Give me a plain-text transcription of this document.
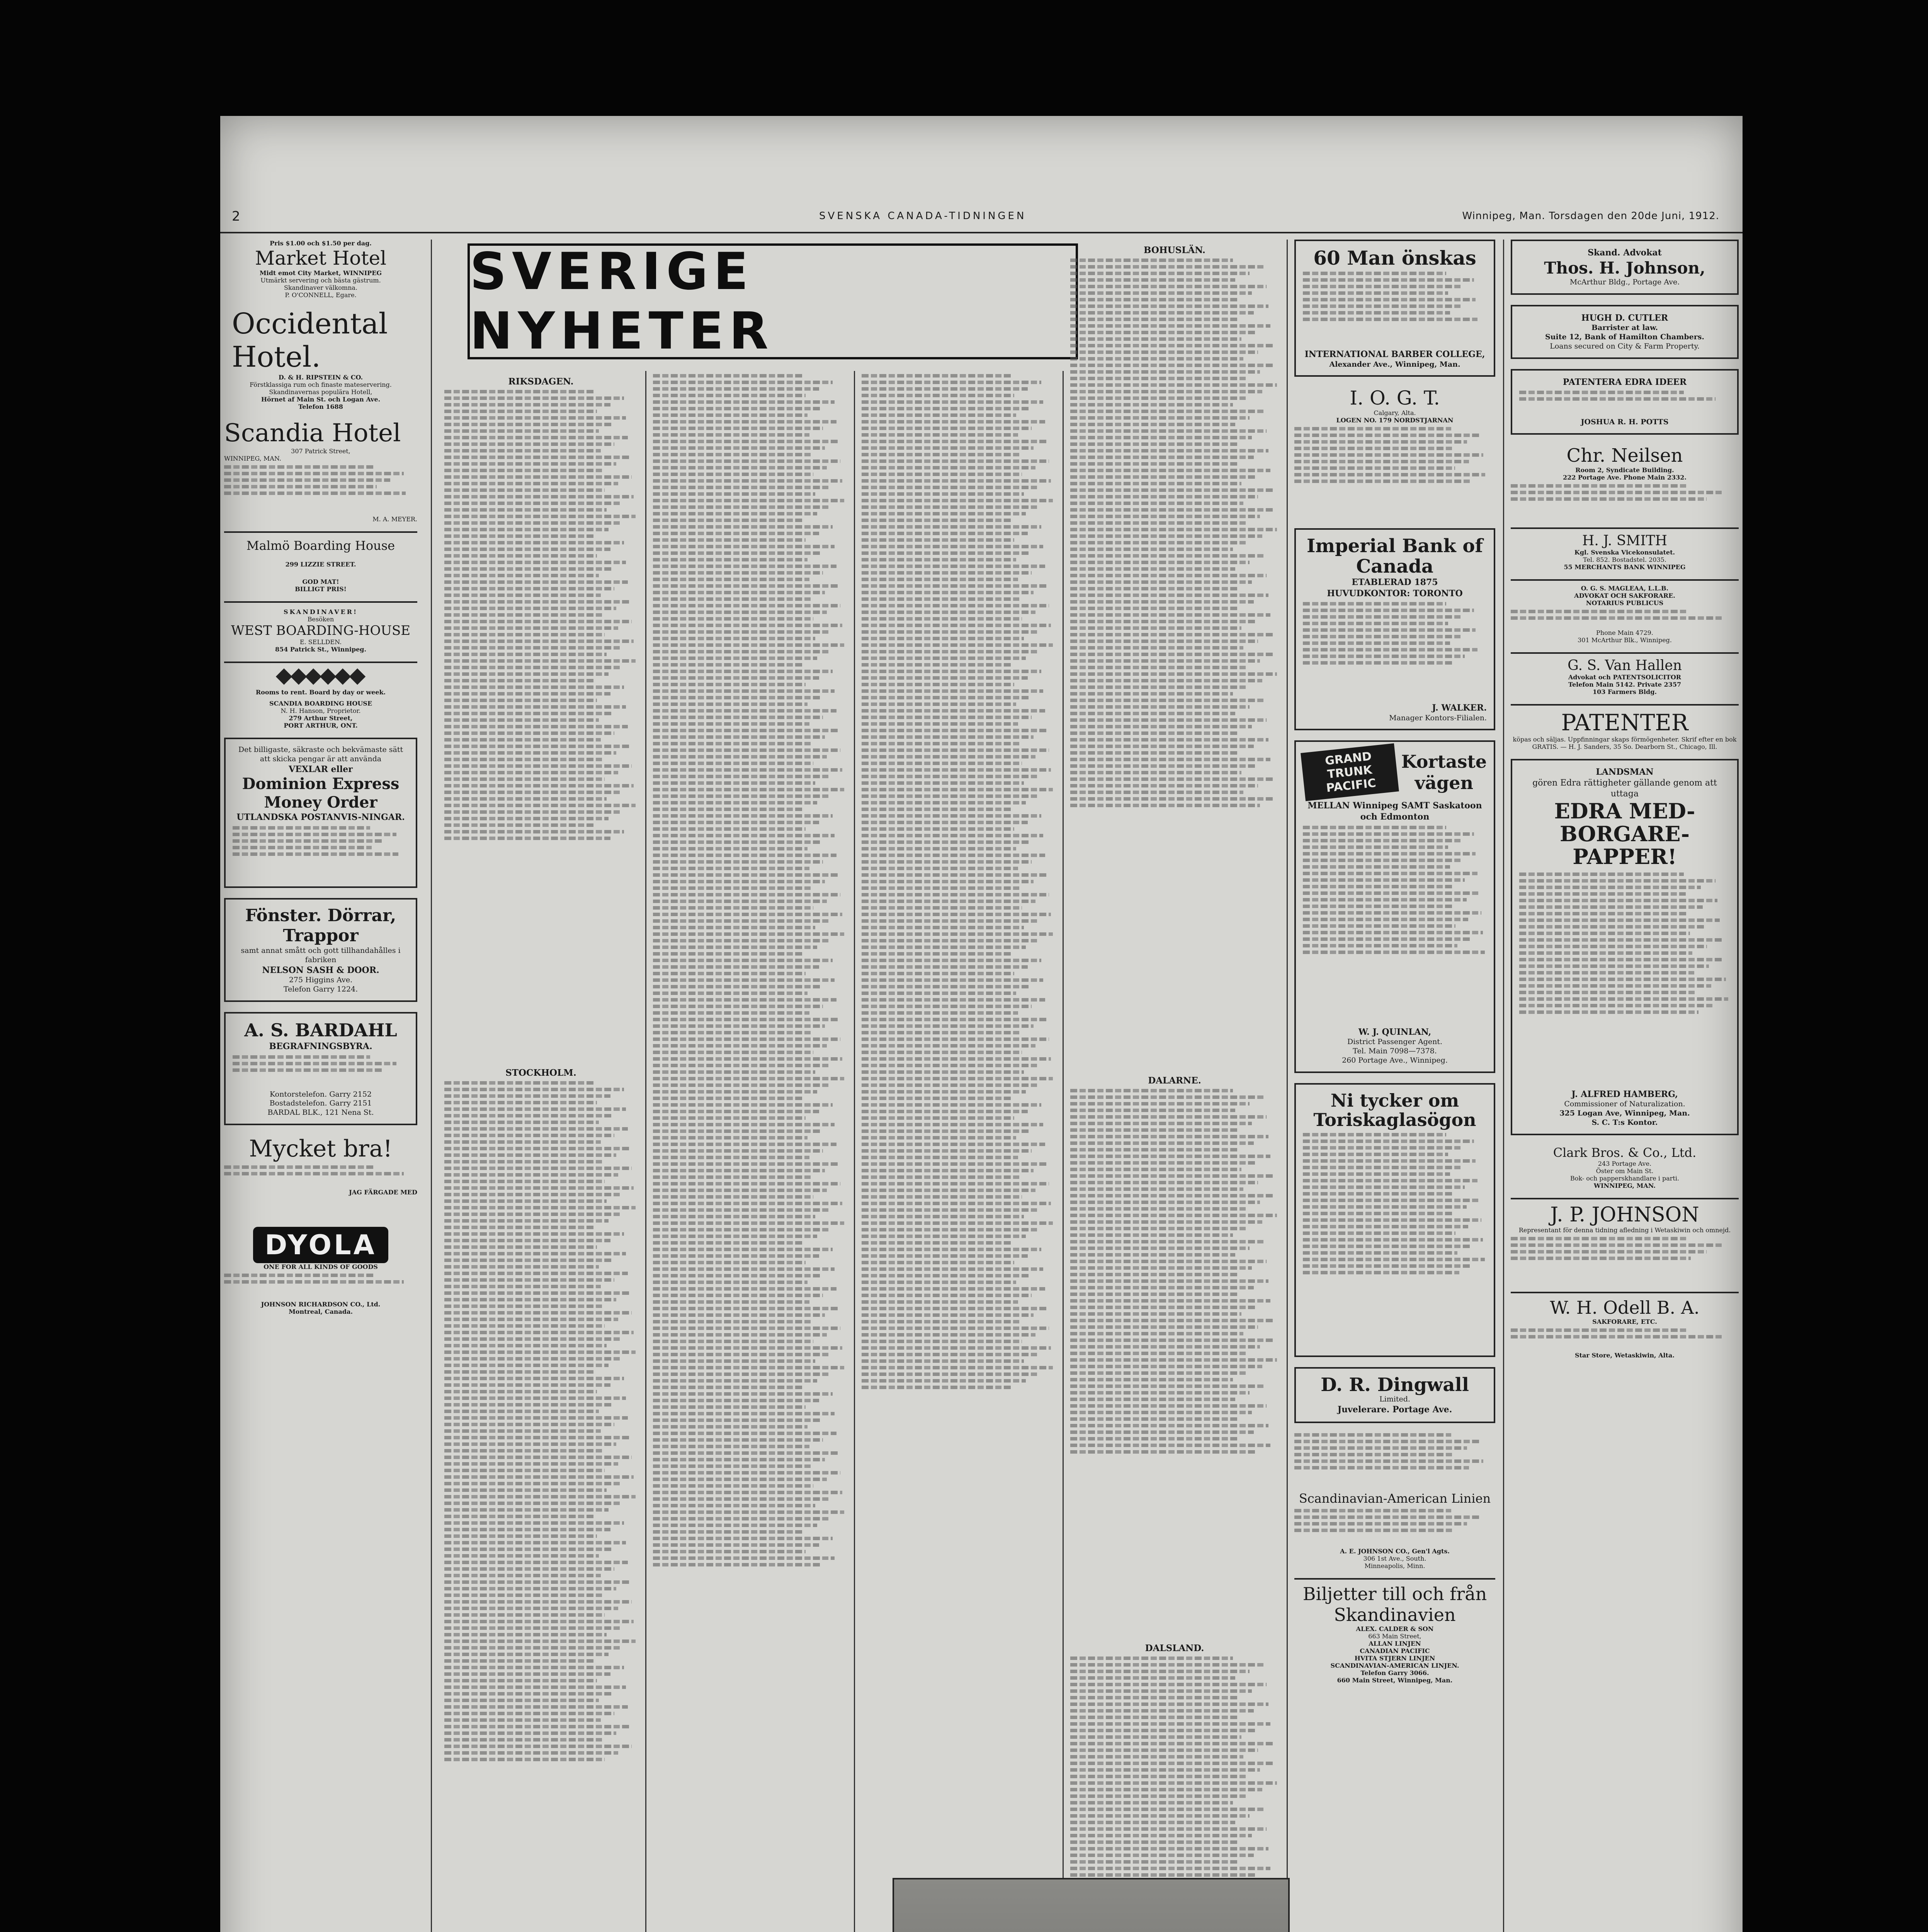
2	SVENSKA CANADA-TIDNINGEN	Winnipeg, Man. Torsdagen den 20de Juni, 1912.
SVERIGE NYHETER
Pris $1.00 och $1.50 per dag.
Market Hotel
Midt emot City Market, WINNIPEG
Utmärkt servering och bästa gästrum.
Skandinaver välkomna.
P. O'CONNELL, Egare.
Occidental Hotel.
D. & H. RIPSTEIN & CO.
Förstklassiga rum och finaste mateservering.
Skandinavernas populära Hotell,
Hörnet af Main St. och Logan Ave.
Telefon 1688
Scandia Hotel
307 Patrick Street,
WINNIPEG, MAN.
M. A. MEYER.
Malmö Boarding House
299 LIZZIE STREET.
GOD MAT!
BILLIGT PRIS!
SKANDINAVER!
Besöken
WEST BOARDING-HOUSE
E. SELLDEN.
854 Patrick St., Winnipeg.
Rooms to rent. Board by day or week.
SCANDIA BOARDING HOUSE
N. H. Hanson, Proprietor.
279 Arthur Street,
PORT ARTHUR, ONT.
Det billigaste, säkraste och bekvämaste sätt att skicka pengar är att använda
VEXLAR eller
Dominion Express Money Order
UTLANDSKA POSTANVIS-NINGAR.
Fönster. Dörrar, Trappor
samt annat smått och gott tillhandahålles i fabriken
NELSON SASH & DOOR.
275 Higgins Ave.
Telefon Garry 1224.
A. S. BARDAHL
BEGRAFNINGSBYRA.
Kontorstelefon. Garry 2152
Bostadstelefon. Garry 2151
BARDAL BLK., 121 Nena St.
Mycket bra!
JAG FÄRGADE MED
DYOLA
ONE FOR ALL KINDS OF GOODS
JOHNSON RICHARDSON CO., Ltd.
Montreal, Canada.
RIKSDAGEN.
STOCKHOLM.
BOHUSLÄN.
DALARNE.
DALSLAND.
60 Man önskas
INTERNATIONAL BARBER COLLEGE,
Alexander Ave., Winnipeg, Man.
I. O. G. T.
Calgary, Alta.
LOGEN NO. 179 NORDSTJARNAN
Imperial Bank of Canada
ETABLERAD 1875
HUVUDKONTOR: TORONTO
J. WALKER.
Manager Kontors-Filialen.
GRAND TRUNK PACIFIC
Kortaste vägen
MELLAN Winnipeg SAMT Saskatoon och Edmonton
W. J. QUINLAN,
District Passenger Agent.
Tel. Main 7098—7378.
260 Portage Ave., Winnipeg.
Ni tycker om Toriskaglasögon
D. R. Dingwall
Limited.
Juvelerare. Portage Ave.
Scandinavian-American Linien
A. E. JOHNSON CO., Gen'l Agts.
306 1st Ave., South.
Minneapolis, Minn.
Biljetter till och från Skandinavien
ALEX. CALDER & SON
663 Main Street,
ALLAN LINJEN
CANADIAN PACIFIC
HVITA STJERN LINJEN
SCANDINAVIAN-AMERICAN LINJEN.
Telefon Garry 3066.
660 Main Street, Winnipeg, Man.
Skand. Advokat
Thos. H. Johnson,
McArthur Bldg., Portage Ave.
HUGH D. CUTLER
Barrister at law.
Suite 12, Bank of Hamilton Chambers.
Loans secured on City & Farm Property.
PATENTERA EDRA IDEER
JOSHUA R. H. POTTS
Chr. Neilsen
Room 2, Syndicate Building.
222 Portage Ave. Phone Main 2332.
H. J. SMITH
Kgl. Svenska Vicekonsulatet.
Tel. 852. Bostadstel. 2035.
55 MERCHANTS BANK WINNIPEG
O. G. S. MAGLEAA, L.L.B.
ADVOKAT OCH SAKFORARE.
NOTARIUS PUBLICUS
Phone Main 4729.
301 McArthur Blk., Winnipeg.
G. S. Van Hallen
Advokat och PATENTSOLICITOR
Telefon Main 5142. Private 2357
103 Farmers Bldg.
PATENTER
köpas och säljas. Uppfinningar skaps förmögenheter. Skrif efter en bok GRATIS. — H. J. Sanders, 35 So. Dearborn St., Chicago, Ill.
LANDSMAN
gören Edra rättigheter gällande genom att uttaga
EDRA MED-BORGARE-PAPPER!
J. ALFRED HAMBERG,
Commissioner of Naturalization.
325 Logan Ave, Winnipeg, Man.
S. C. T:s Kontor.
Clark Bros. & Co., Ltd.
243 Portage Ave.
Öster om Main St.
Bok- och papperskhandlare i parti.
WINNIPEG, MAN.
J. P. JOHNSON
Representant för denna tidning afledning i Wetaskiwin och omnejd.
W. H. Odell B. A.
SAKFORARE, ETC.
Star Store, Wetaskiwin, Alta.
